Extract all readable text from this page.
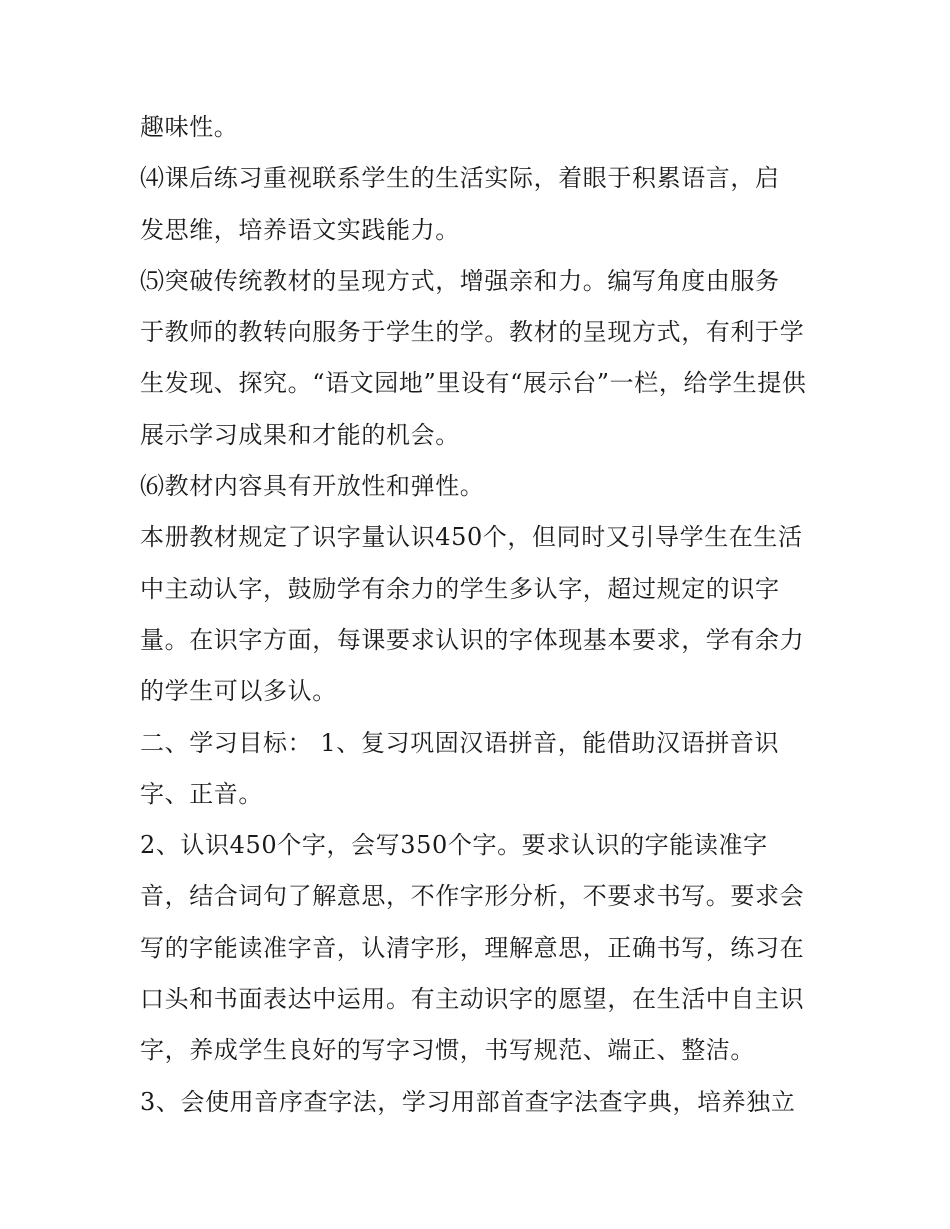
趣味性。
⑷课后练习重视联系学生的生活实际，着眼于积累语言，启
发思维，培养语文实践能力。
⑸突破传统教材的呈现方式，增强亲和力。编写角度由服务
于教师的教转向服务于学生的学。教材的呈现方式，有利于学
生发现、探究。“语文园地”里设有“展示台”一栏，给学生提供
展示学习成果和才能的机会。
⑹教材内容具有开放性和弹性。
本册教材规定了识字量认识450个，但同时又引导学生在生活
中主动认字，鼓励学有余力的学生多认字，超过规定的识字
量。在识字方面，每课要求认识的字体现基本要求，学有余力
的学生可以多认。
二、学习目标： 1、复习巩固汉语拼音，能借助汉语拼音识
字、正音。
2、认识450个字，会写350个字。要求认识的字能读准字
音，结合词句了解意思，不作字形分析，不要求书写。要求会
写的字能读准字音，认清字形，理解意思，正确书写，练习在
口头和书面表达中运用。有主动识字的愿望，在生活中自主识
字，养成学生良好的写字习惯，书写规范、端正、整洁。
3、会使用音序查字法，学习用部首查字法查字典，培养独立
